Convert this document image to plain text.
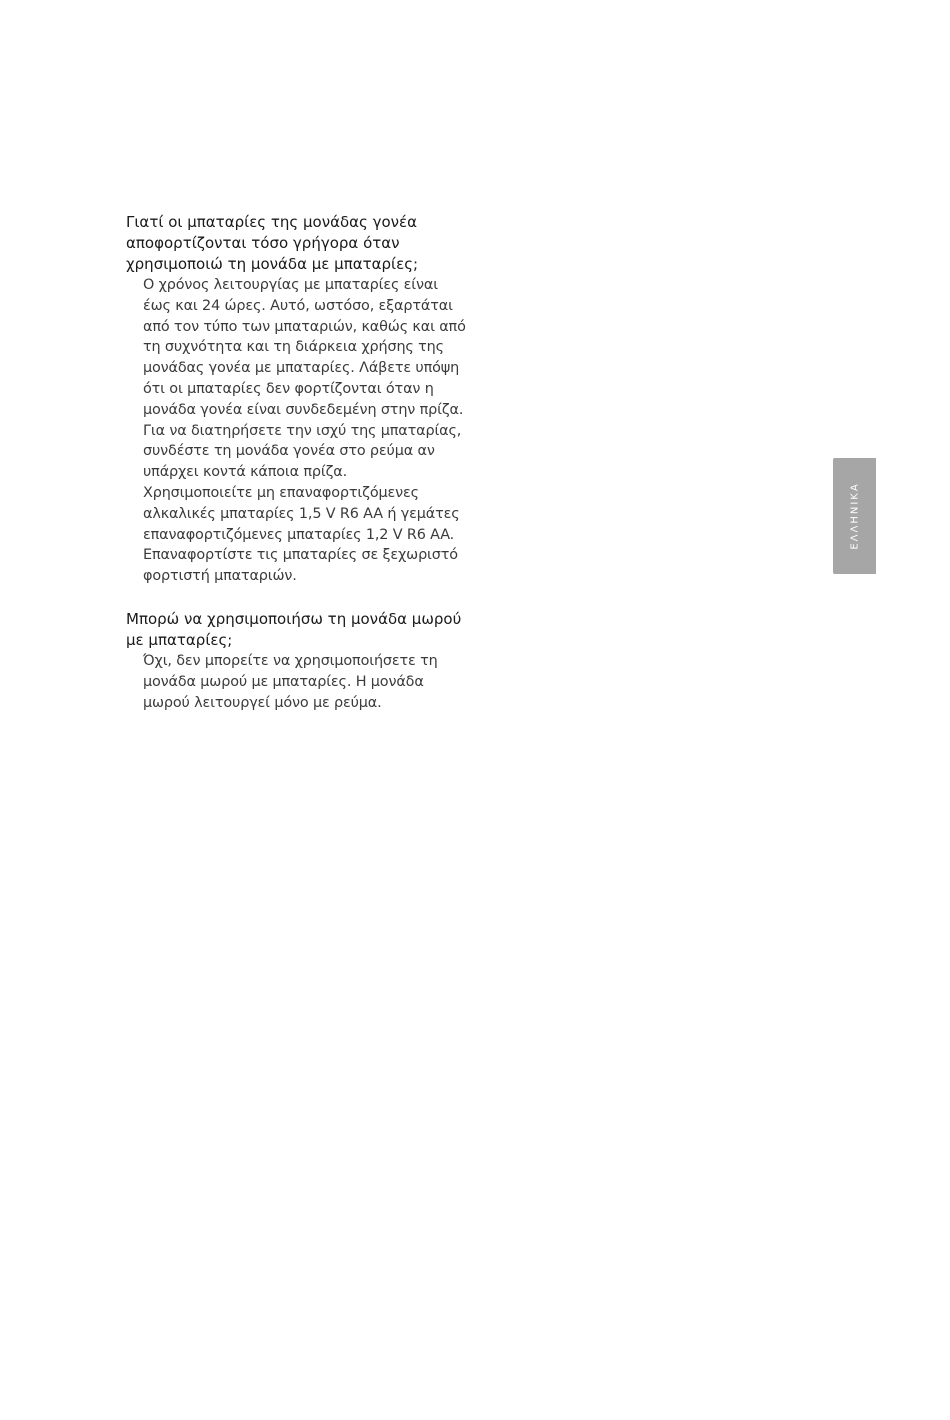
Γιατί οι μπαταρίες της μονάδας γονέα
αποφορτίζονται τόσο γρήγορα όταν
χρησιμοποιώ τη μονάδα με μπαταρίες;

Ο χρόνος λειτουργίας με μπαταρίες είναι
έως και 24 ώρες. Αυτό, ωστόσο, εξαρτάται
από τον τύπο των μπαταριών, καθώς και από
τη συχνότητα και τη διάρκεια χρήσης της
μονάδας γονέα με μπαταρίες. Λάβετε υπόψη
ότι οι μπαταρίες δεν φορτίζονται όταν η
μονάδα γονέα είναι συνδεδεμένη στην πρίζα.
Για να διατηρήσετε την ισχύ της μπαταρίας,
συνδέστε τη μονάδα γονέα στο ρεύμα αν
υπάρχει κοντά κάποια πρίζα.
Χρησιμοποιείτε μη επαναφορτιζόμενες
αλκαλικές μπαταρίες 1,5 V R6 AA ή γεμάτες
επαναφορτιζόμενες μπαταρίες 1,2 V R6 AA.
Επαναφορτίστε τις μπαταρίες σε ξεχωριστό
φορτιστή μπαταριών.

Μπορώ να χρησιμοποιήσω τη μονάδα μωρού
με μπαταρίες;

Όχι, δεν μπορείτε να χρησιμοποιήσετε τη
μονάδα μωρού με μπαταρίες. Η μονάδα
μωρού λειτουργεί μόνο με ρεύμα.

ΕΛΛΗΝΙΚΑ
